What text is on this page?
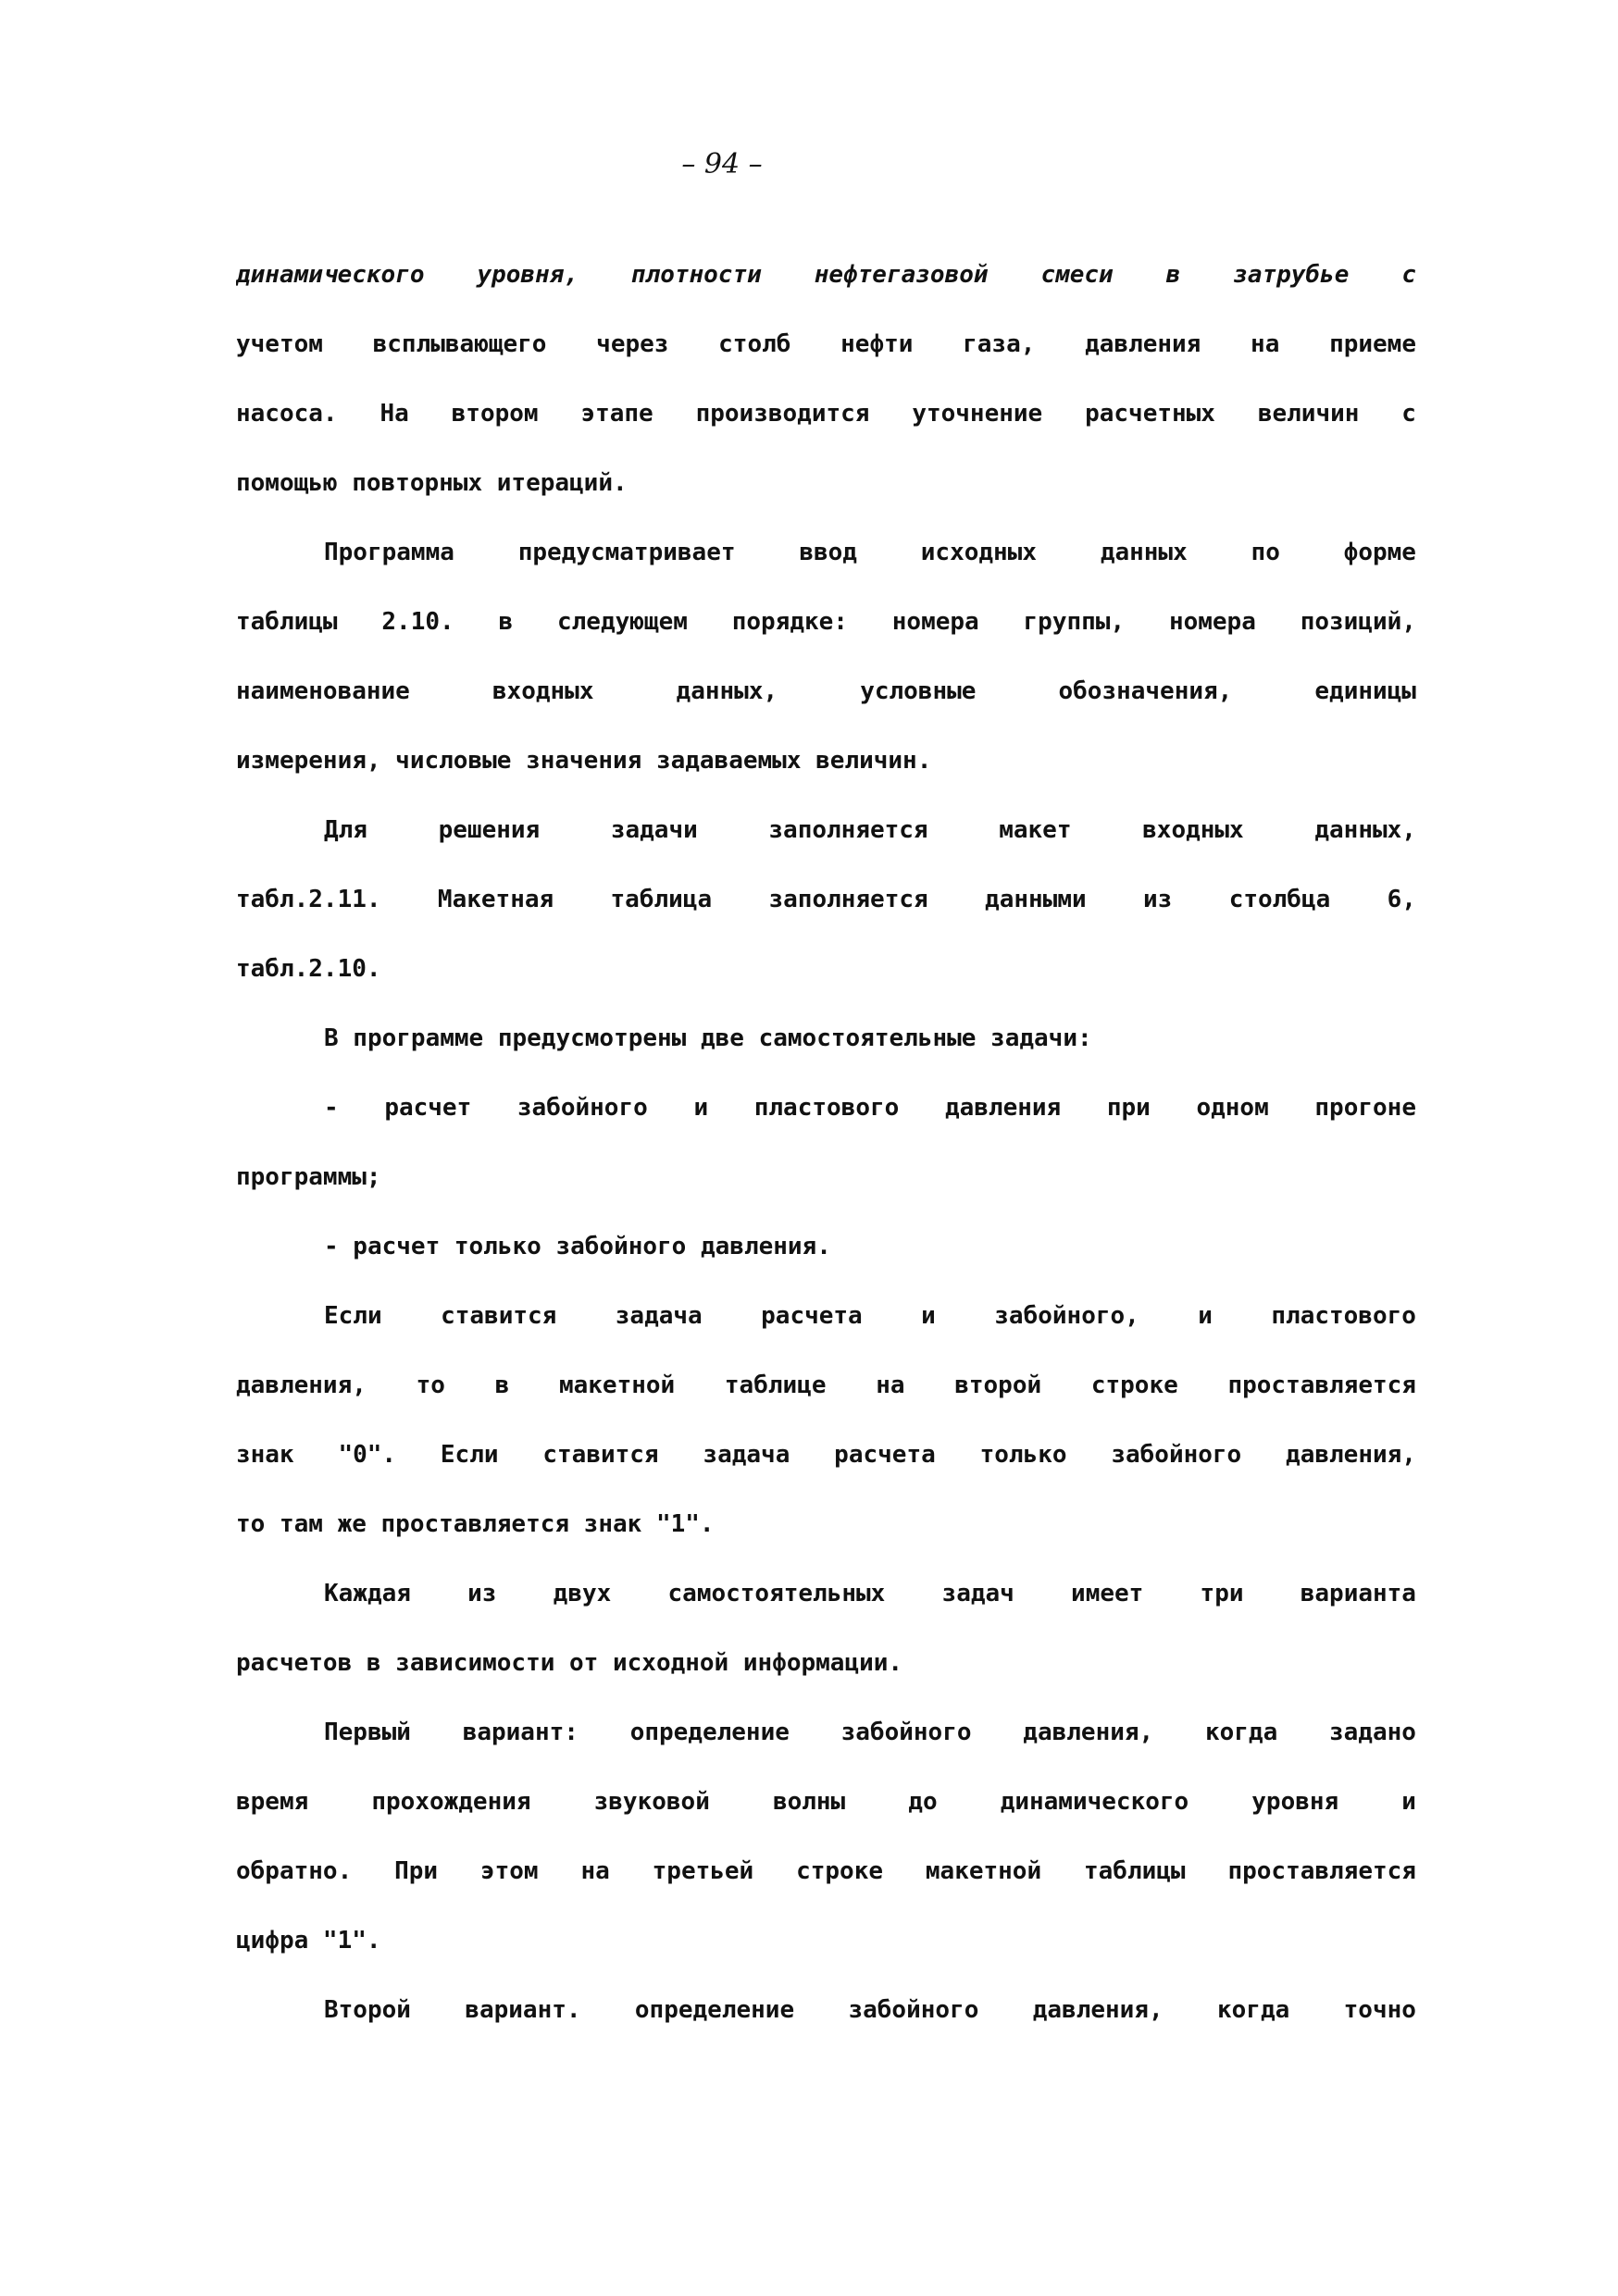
– 94 –
динамического уровня, плотности нефтегазовой смеси в затрубье с
учетом всплывающего через столб нефти газа, давления на приеме
насоса. На втором этапе производится уточнение расчетных величин с
помощью повторных итераций.
Программа	предусматривает	ввод	исходных	данных	по	форме
таблицы 2.10. в следующем порядке: номера группы, номера позиций,
наименование	входных	данных,	условные	обозначения,	единицы
измерения, числовые значения задаваемых величин.
Для	решения	задачи	заполняется	макет	входных	данных,
табл.2.11. Макетная таблица заполняется данными из столбца 6,
табл.2.10.
В программе предусмотрены две самостоятельные задачи:
- расчет забойного и пластового давления при одном прогоне
программы;
- расчет только забойного давления.
Если ставится задача расчета и забойного, и пластового
давления, то в макетной таблице на второй строке проставляется
знак "0". Если ставится задача расчета только забойного давления,
то там же проставляется знак "1".
Каждая из двух самостоятельных задач имеет три варианта
расчетов в зависимости от исходной информации.
Первый вариант: определение забойного давления, когда задано
время	прохождения	звуковой	волны	до	динамического	уровня	и
обратно. При этом на третьей строке макетной таблицы проставляется
цифра "1".
Второй вариант. определение забойного давления, когда точно
